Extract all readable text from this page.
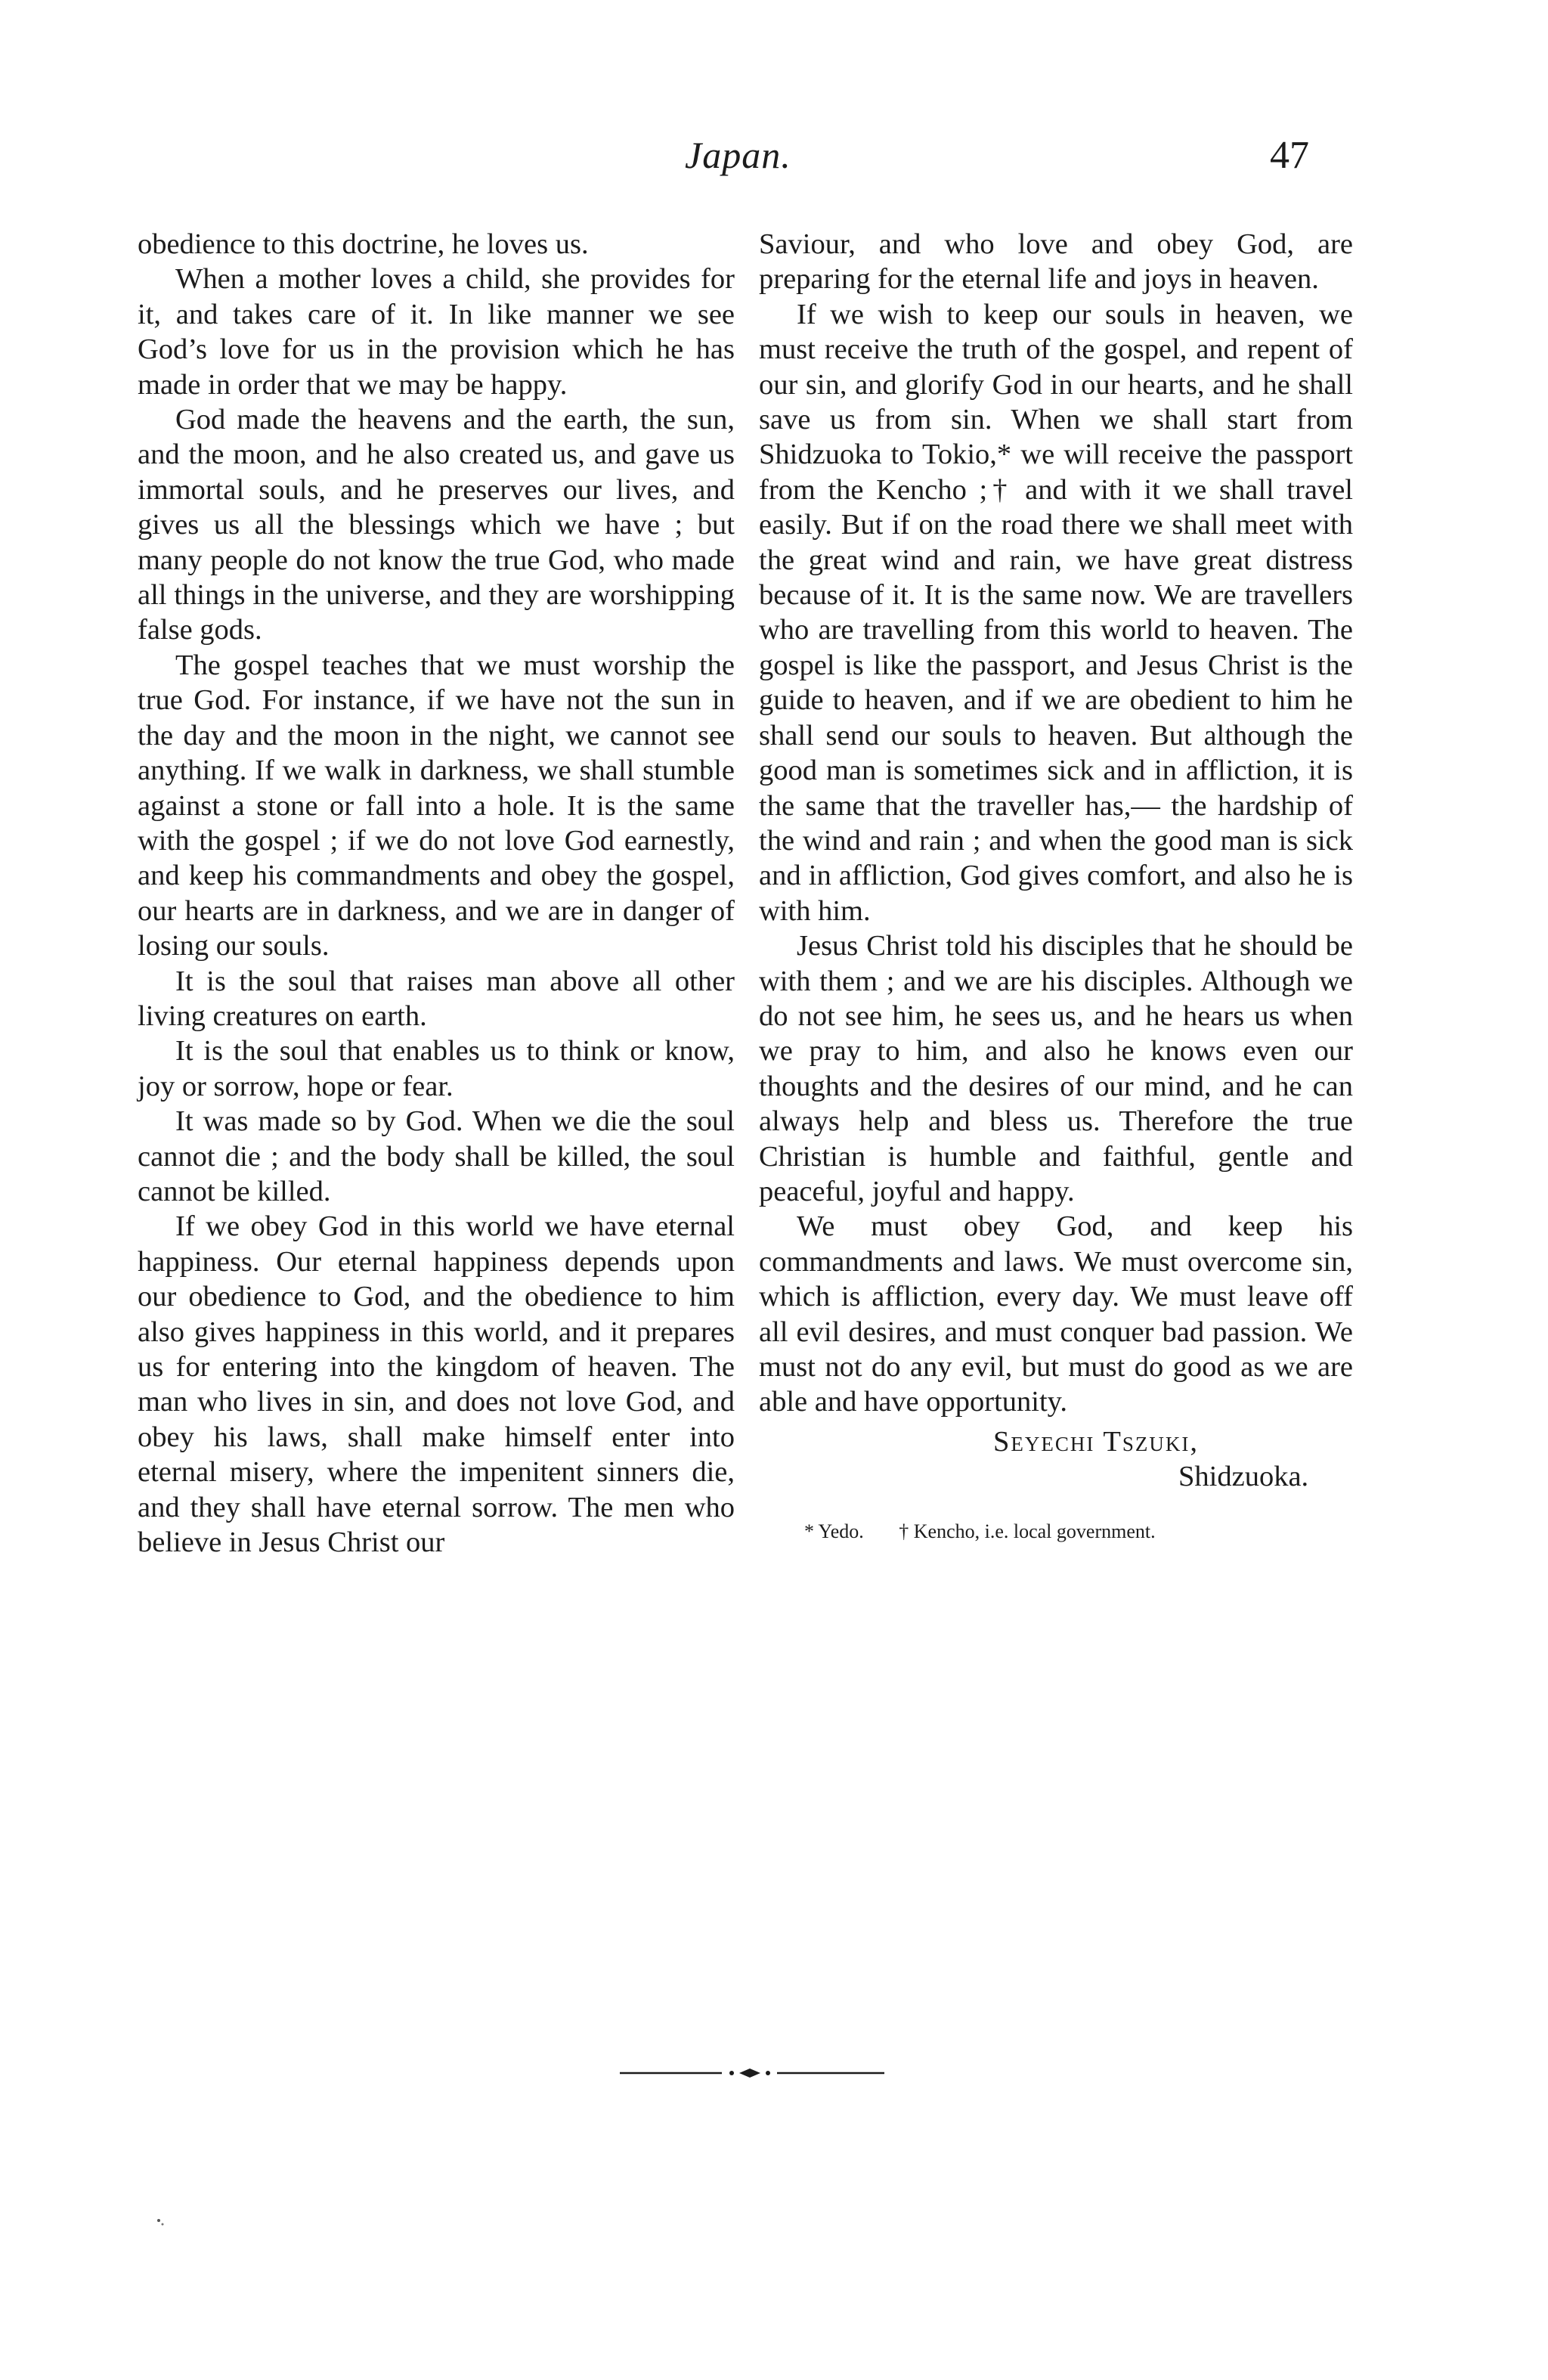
Japan.	47

obedience to this doctrine, he loves us.

When a mother loves a child, she provides for it, and takes care of it. In like manner we see God’s love for us in the provision which he has made in order that we may be happy.

God made the heavens and the earth, the sun, and the moon, and he also created us, and gave us immortal souls, and he preserves our lives, and gives us all the blessings which we have ; but many people do not know the true God, who made all things in the universe, and they are worshipping false gods.

The gospel teaches that we must worship the true God. For instance, if we have not the sun in the day and the moon in the night, we cannot see anything. If we walk in darkness, we shall stumble against a stone or fall into a hole. It is the same with the gospel ; if we do not love God earnestly, and keep his commandments and obey the gospel, our hearts are in darkness, and we are in danger of losing our souls.

It is the soul that raises man above all other living creatures on earth.

It is the soul that enables us to think or know, joy or sorrow, hope or fear.

It was made so by God. When we die the soul cannot die ; and the body shall be killed, the soul cannot be killed.

If we obey God in this world we have eternal happiness. Our eternal happiness depends upon our obedience to God, and the obedience to him also gives happiness in this world, and it prepares us for entering into the kingdom of heaven. The man who lives in sin, and does not love God, and obey his laws, shall make himself enter into eternal misery, where the impenitent sinners die, and they shall have eternal sorrow. The men who believe in Jesus Christ our

Saviour, and who love and obey God, are preparing for the eternal life and joys in heaven.

If we wish to keep our souls in heaven, we must receive the truth of the gospel, and repent of our sin, and glorify God in our hearts, and he shall save us from sin. When we shall start from Shidzuoka to Tokio,* we will receive the passport from the Kencho ;† and with it we shall travel easily. But if on the road there we shall meet with the great wind and rain, we have great distress because of it. It is the same now. We are travellers who are travelling from this world to heaven. The gospel is like the passport, and Jesus Christ is the guide to heaven, and if we are obedient to him he shall send our souls to heaven. But although the good man is sometimes sick and in affliction, it is the same that the traveller has,— the hardship of the wind and rain ; and when the good man is sick and in affliction, God gives comfort, and also he is with him.

Jesus Christ told his disciples that he should be with them ; and we are his disciples. Although we do not see him, he sees us, and he hears us when we pray to him, and also he knows even our thoughts and the desires of our mind, and he can always help and bless us. Therefore the true Christian is humble and faithful, gentle and peaceful, joyful and happy.

We must obey God, and keep his commandments and laws. We must overcome sin, which is affliction, every day. We must leave off all evil desires, and must conquer bad passion. We must not do any evil, but must do good as we are able and have opportunity.

Seyechi Tszuki,
Shidzuoka.
* Yedo. † Kencho, i.e. local government.
